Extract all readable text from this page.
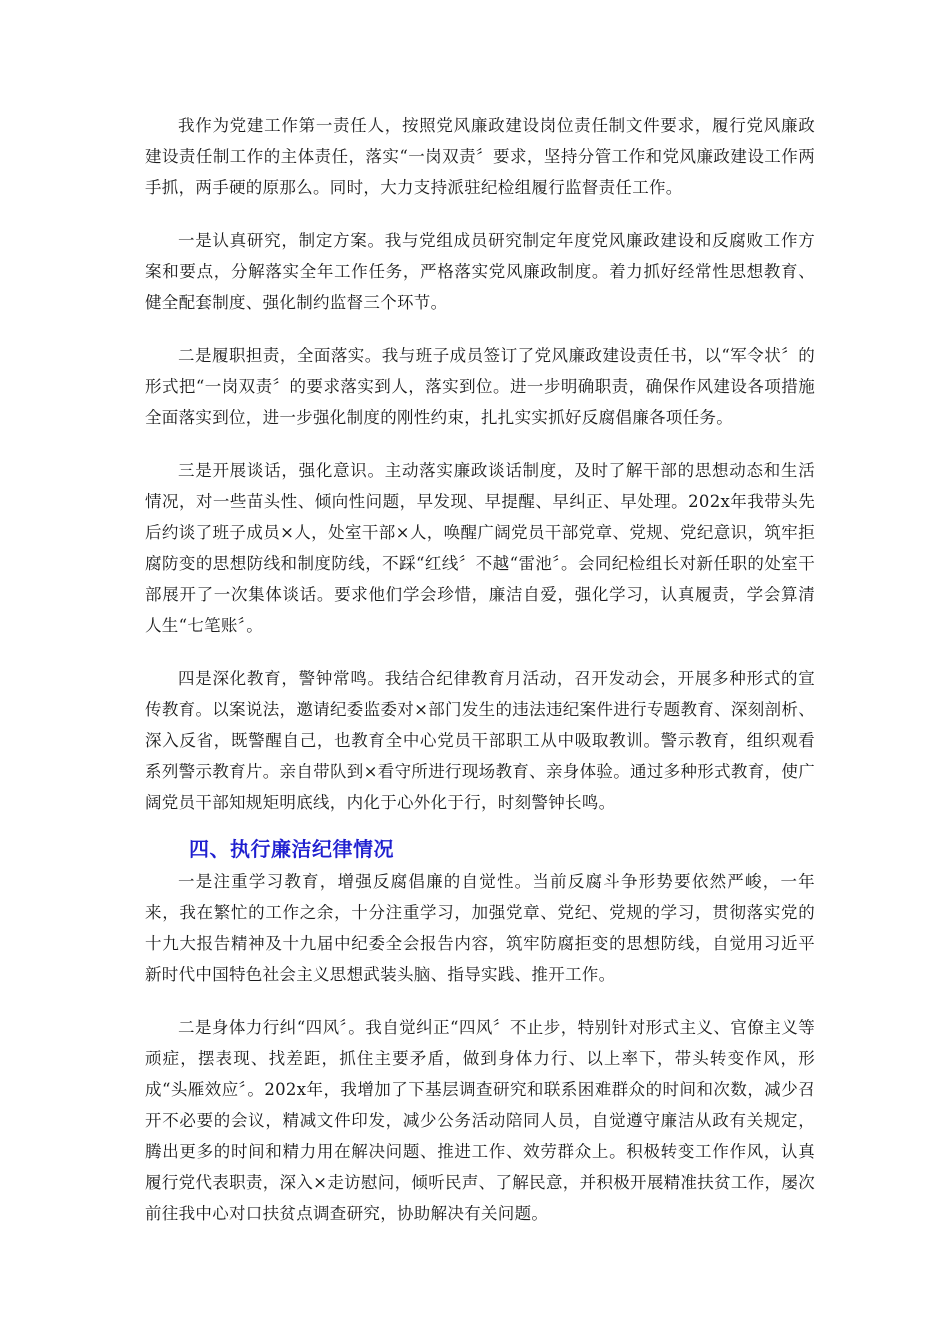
我作为党建工作第一责任人，按照党风廉政建设岗位责任制文件要求，履行党风廉政建设责任制工作的主体责任，落实“一岗双责〞要求，坚持分管工作和党风廉政建设工作两手抓，两手硬的原那么。同时，大力支持派驻纪检组履行监督责任工作。

一是认真研究，制定方案。我与党组成员研究制定年度党风廉政建设和反腐败工作方案和要点，分解落实全年工作任务，严格落实党风廉政制度。着力抓好经常性思想教育、健全配套制度、强化制约监督三个环节。

二是履职担责，全面落实。我与班子成员签订了党风廉政建设责任书，以“军令状〞的形式把“一岗双责〞的要求落实到人，落实到位。进一步明确职责，确保作风建设各项措施全面落实到位，进一步强化制度的刚性约束，扎扎实实抓好反腐倡廉各项任务。

三是开展谈话，强化意识。主动落实廉政谈话制度，及时了解干部的思想动态和生活情况，对一些苗头性、倾向性问题，早发现、早提醒、早纠正、早处理。202x年我带头先后约谈了班子成员×人，处室干部×人，唤醒广阔党员干部党章、党规、党纪意识，筑牢拒腐防变的思想防线和制度防线，不踩“红线〞不越“雷池〞。会同纪检组长对新任职的处室干部展开了一次集体谈话。要求他们学会珍惜，廉洁自爱，强化学习，认真履责，学会算清人生“七笔账〞。

四是深化教育，警钟常鸣。我结合纪律教育月活动，召开发动会，开展多种形式的宣传教育。以案说法，邀请纪委监委对×部门发生的违法违纪案件进行专题教育、深刻剖析、深入反省，既警醒自己，也教育全中心党员干部职工从中吸取教训。警示教育，组织观看系列警示教育片。亲自带队到×看守所进行现场教育、亲身体验。通过多种形式教育，使广阔党员干部知规矩明底线，内化于心外化于行，时刻警钟长鸣。

四、执行廉洁纪律情况

一是注重学习教育，增强反腐倡廉的自觉性。当前反腐斗争形势要依然严峻，一年来，我在繁忙的工作之余，十分注重学习，加强党章、党纪、党规的学习，贯彻落实党的十九大报告精神及十九届中纪委全会报告内容，筑牢防腐拒变的思想防线，自觉用习近平新时代中国特色社会主义思想武装头脑、指导实践、推开工作。

二是身体力行纠“四风〞。我自觉纠正“四风〞不止步，特别针对形式主义、官僚主义等顽症，摆表现、找差距，抓住主要矛盾，做到身体力行、以上率下，带头转变作风，形成“头雁效应〞。202x年，我增加了下基层调查研究和联系困难群众的时间和次数，减少召开不必要的会议，精减文件印发，减少公务活动陪同人员，自觉遵守廉洁从政有关规定，腾出更多的时间和精力用在解决问题、推进工作、效劳群众上。积极转变工作作风，认真履行党代表职责，深入×走访慰问，倾听民声、了解民意，并积极开展精准扶贫工作，屡次前往我中心对口扶贫点调查研究，协助解决有关问题。
